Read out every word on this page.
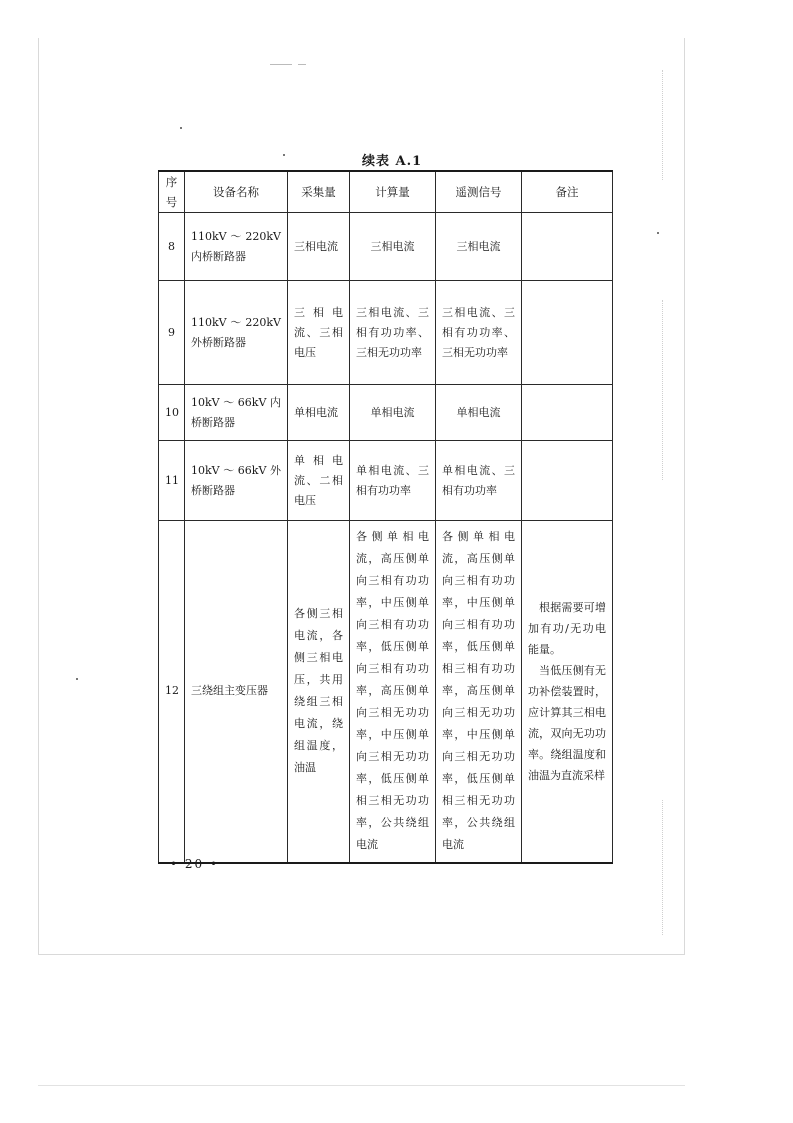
续表 A.1
序号	设备名称	采集量	计算量	遥测信号	备注
8	110kV ～ 220kV 内桥断路器	三相电流	三相电流	三相电流	
9	110kV ～ 220kV 外桥断路器	三相电流、三相电压	三相电流、三相有功功率、三相无功功率	三相电流、三相有功功率、三相无功功率	
10	10kV～66kV内桥断路器	单相电流	单相电流	单相电流	
11	10kV～66kV外桥断路器	单相电流、二相电压	单相电流、三相有功功率	单相电流、三相有功功率	
12	三绕组主变压器	各侧三相电流，各侧三相电压，共用绕组三相电流，绕组温度，油温	各侧单相电流，高压侧单向三相有功功率，中压侧单向三相有功功率，低压侧单向三相有功功率，高压侧单向三相无功功率，中压侧单向三相无功功率，低压侧单相三相无功功率，公共绕组电流	各侧单相电流，高压侧单向三相有功功率，中压侧单向三相有功功率，低压侧单相三相有功功率，高压侧单向三相无功功率，中压侧单向三相无功功率，低压侧单相三相无功功率，公共绕组电流	根据需要可增加有功/无功电能量。
当低压侧有无功补偿装置时，应计算其三相电流，双向无功功率。绕组温度和油温为直流采样
• 20 •
